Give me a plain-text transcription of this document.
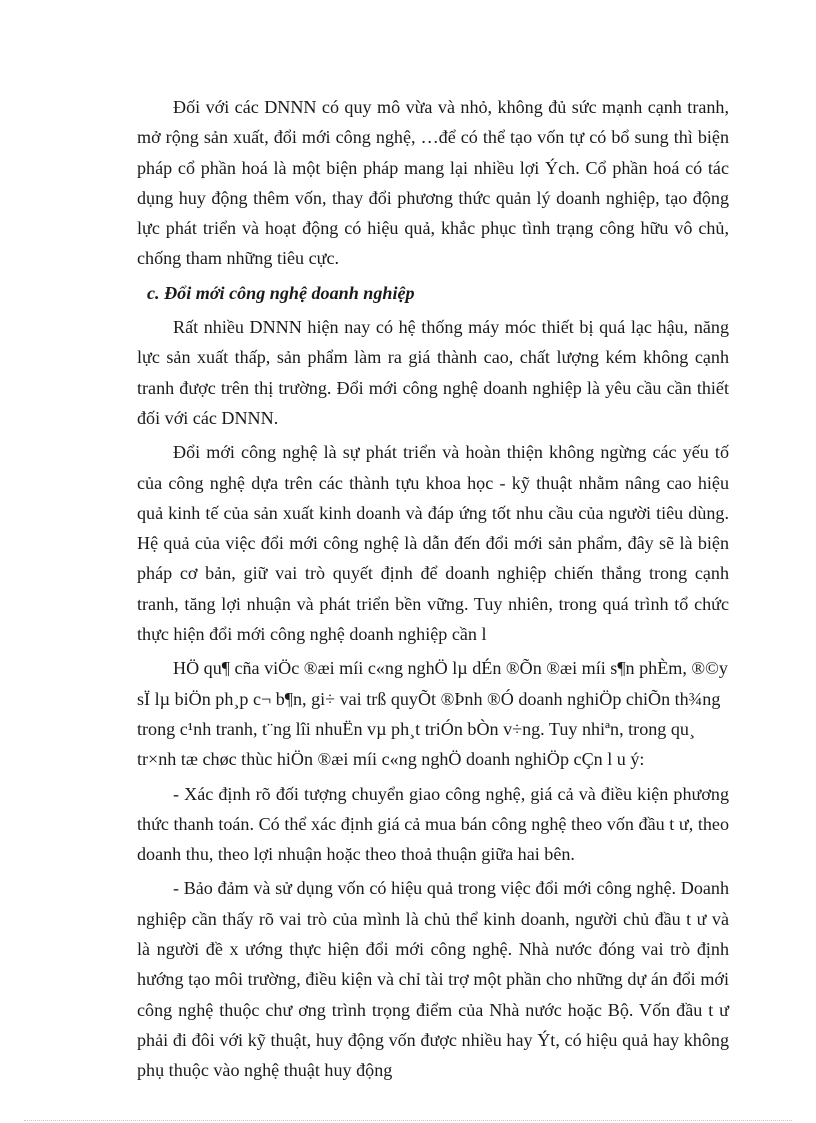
Đối với các DNNN có quy mô vừa và nhỏ, không đủ sức mạnh cạnh tranh, mở rộng sản xuất, đổi mới công nghệ, …để có thể tạo vốn tự có bổ sung thì biện pháp cổ phần hoá là một biện pháp mang lại nhiều lợi Ých. Cổ phần hoá có tác dụng huy động thêm vốn, thay đổi phương thức quản lý doanh nghiệp, tạo động lực phát triển và hoạt động có hiệu quả, khắc phục tình trạng công hữu vô chủ, chống tham những tiêu cực.

c. Đổi mới công nghệ doanh nghiệp

Rất nhiều DNNN hiện nay có hệ thống máy móc thiết bị quá lạc hậu, năng lực sản xuất thấp, sản phẩm làm ra giá thành cao, chất lượng kém không cạnh tranh được trên thị trường. Đổi mới công nghệ doanh nghiệp là yêu cầu cần thiết đối với các DNNN.

Đổi mới công nghệ là sự phát triển và hoàn thiện không ngừng các yếu tố của công nghệ dựa trên các thành tựu khoa học - kỹ thuật nhằm nâng cao hiệu quả kinh tế của sản xuất kinh doanh và đáp ứng tốt nhu cầu của người tiêu dùng. Hệ quả của việc đổi mới công nghệ là dẫn đến đổi mới sản phẩm, đây sẽ là biện pháp cơ bản, giữ vai trò quyết định để doanh nghiệp chiến thắng trong cạnh tranh, tăng lợi nhuận và phát triển bền vững. Tuy nhiên, trong quá trình tổ chức thực hiện đổi mới công nghệ doanh nghiệp cần l

HÖ qu¶ cña viÖc ®æi míi c«ng nghÖ lµ dÉn ®Õn ®æi míi s¶n phÈm, ®©y sÏ lµ biÖn ph¸p c¬ b¶n, gi÷ vai trß quyÕt ®Þnh ®Ó doanh nghiÖp chiÕn th¾ng trong c¹nh tranh, t¨ng lîi nhuËn vµ ph¸t triÓn bÒn v÷ng. Tuy nhiªn, trong qu¸ tr×nh tæ chøc thùc hiÖn ®æi míi c«ng nghÖ doanh nghiÖp cÇn l u ý:

- Xác định rõ đối tượng chuyển giao công nghệ, giá cả và điều kiện phương thức thanh toán. Có thể xác định giá cả mua bán công nghệ theo vốn đầu t ư, theo doanh thu, theo lợi nhuận hoặc theo thoả thuận giữa hai bên.

- Bảo đảm và sử dụng vốn có hiệu quả trong việc đổi mới công nghệ. Doanh nghiệp cần thấy rõ vai trò của mình là chủ thể kinh doanh, người chủ đầu t ư và là người đề x ướng thực hiện đổi mới công nghệ. Nhà nước đóng vai trò định hướng tạo môi trường, điều kiện và chỉ tài trợ một phần cho những dự án đổi mới công nghệ thuộc chư ơng trình trọng điểm của Nhà nước hoặc Bộ. Vốn đầu t ư phải đi đôi với kỹ thuật, huy động vốn được nhiều hay Ýt, có hiệu quả hay không phụ thuộc vào nghệ thuật huy động
